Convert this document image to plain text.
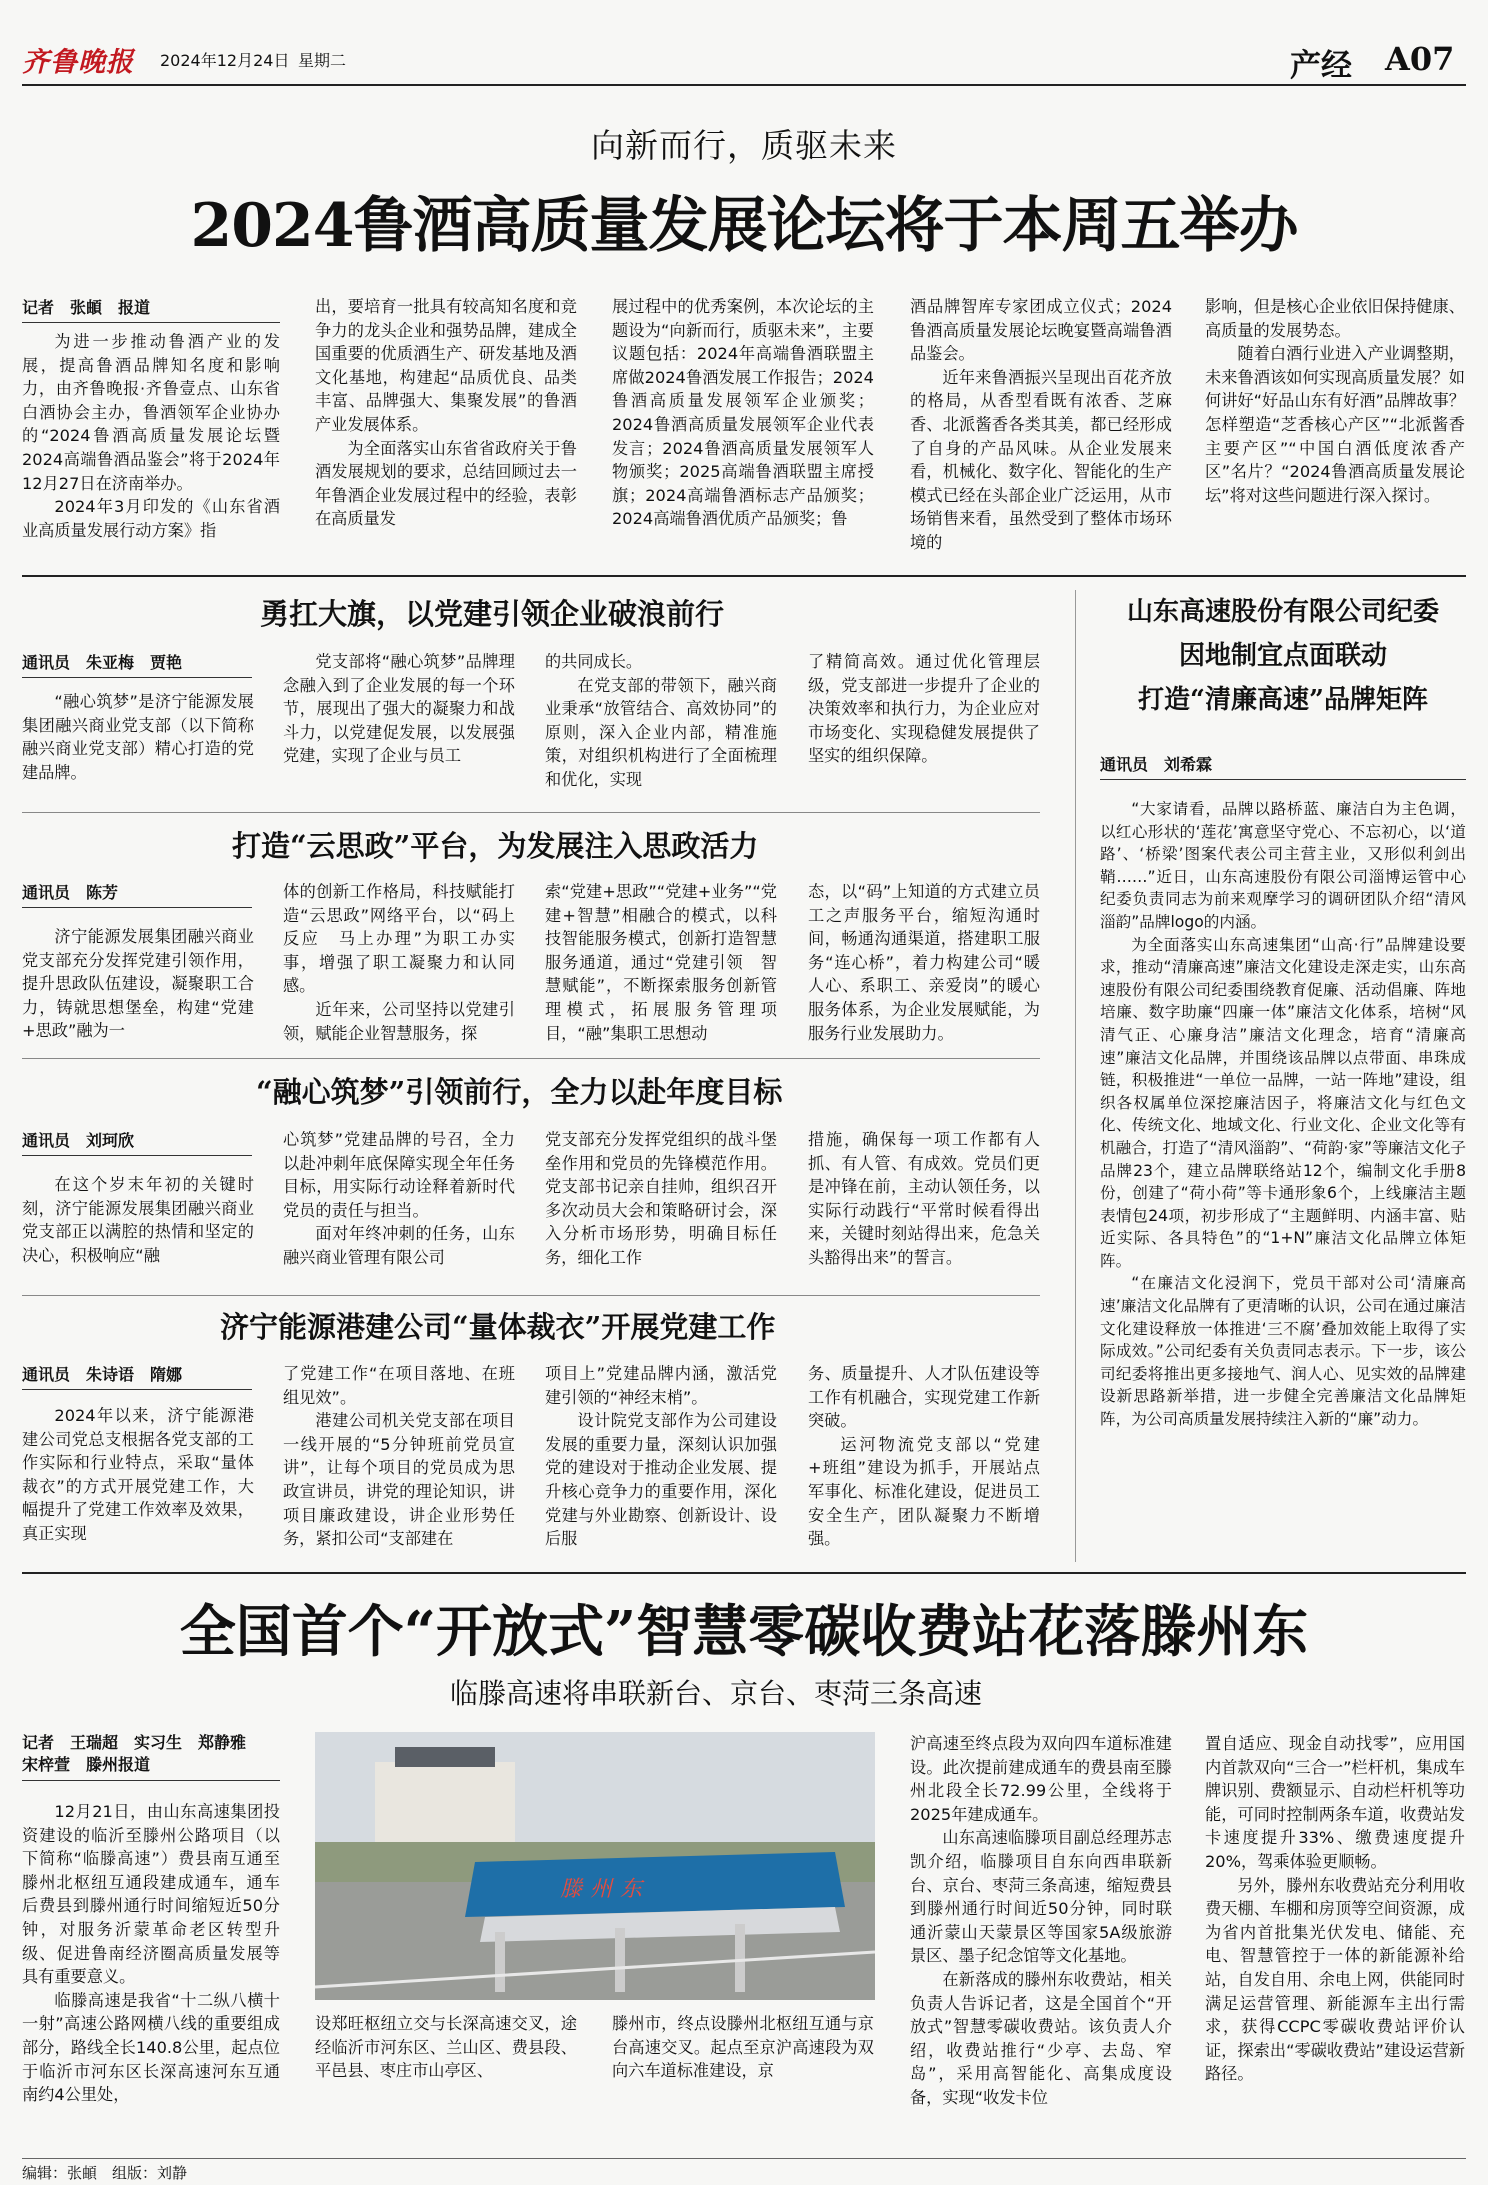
齐鲁晚报 2024年12月24日 星期二	产经 A07
向新而行，质驱未来
2024鲁酒高质量发展论坛将于本周五举办
记者　张頔　报道

为进一步推动鲁酒产业的发展，提高鲁酒品牌知名度和影响力，由齐鲁晚报·齐鲁壹点、山东省白酒协会主办，鲁酒领军企业协办的“2024鲁酒高质量发展论坛暨2024高端鲁酒品鉴会”将于2024年12月27日在济南举办。

2024年3月印发的《山东省酒业高质量发展行动方案》指

出，要培育一批具有较高知名度和竞争力的龙头企业和强势品牌，建成全国重要的优质酒生产、研发基地及酒文化基地，构建起“品质优良、品类丰富、品牌强大、集聚发展”的鲁酒产业发展体系。

为全面落实山东省省政府关于鲁酒发展规划的要求，总结回顾过去一年鲁酒企业发展过程中的经验，表彰在高质量发

展过程中的优秀案例，本次论坛的主题设为“向新而行，质驱未来”，主要议题包括：2024年高端鲁酒联盟主席做2024鲁酒发展工作报告；2024鲁酒高质量发展领军企业颁奖；2024鲁酒高质量发展领军企业代表发言；2024鲁酒高质量发展领军人物颁奖；2025高端鲁酒联盟主席授旗；2024高端鲁酒标志产品颁奖；2024高端鲁酒优质产品颁奖；鲁

酒品牌智库专家团成立仪式；2024鲁酒高质量发展论坛晚宴暨高端鲁酒品鉴会。

近年来鲁酒振兴呈现出百花齐放的格局，从香型看既有浓香、芝麻香、北派酱香各类其美，都已经形成了自身的产品风味。从企业发展来看，机械化、数字化、智能化的生产模式已经在头部企业广泛运用，从市场销售来看，虽然受到了整体市场环境的

影响，但是核心企业依旧保持健康、高质量的发展势态。

随着白酒行业进入产业调整期，未来鲁酒该如何实现高质量发展？如何讲好“好品山东有好酒”品牌故事？怎样塑造“芝香核心产区”“北派酱香主要产区”“中国白酒低度浓香产区”名片？“2024鲁酒高质量发展论坛”将对这些问题进行深入探讨。

勇扛大旗，以党建引领企业破浪前行
通讯员　朱亚梅　贾艳

“融心筑梦”是济宁能源发展集团融兴商业党支部（以下简称融兴商业党支部）精心打造的党建品牌。

党支部将“融心筑梦”品牌理念融入到了企业发展的每一个环节，展现出了强大的凝聚力和战斗力，以党建促发展，以发展强党建，实现了企业与员工

的共同成长。

在党支部的带领下，融兴商业秉承“放管结合、高效协同”的原则，深入企业内部，精准施策，对组织机构进行了全面梳理和优化，实现

了精简高效。通过优化管理层级，党支部进一步提升了企业的决策效率和执行力，为企业应对市场变化、实现稳健发展提供了坚实的组织保障。

打造“云思政”平台，为发展注入思政活力
通讯员　陈芳

济宁能源发展集团融兴商业党支部充分发挥党建引领作用，提升思政队伍建设，凝聚职工合力，铸就思想堡垒，构建“党建+思政”融为一

体的创新工作格局，科技赋能打造“云思政”网络平台，以“码上反应　马上办理”为职工办实事，增强了职工凝聚力和认同感。

近年来，公司坚持以党建引领，赋能企业智慧服务，探

索“党建+思政”“党建+业务”“党建+智慧”相融合的模式，以科技智能服务模式，创新打造智慧服务通道，通过“党建引领　智慧赋能”，不断探索服务创新管理模式，拓展服务管理项目，“融”集职工思想动

态，以“码”上知道的方式建立员工之声服务平台，缩短沟通时间，畅通沟通渠道，搭建职工服务“连心桥”，着力构建公司“暖人心、系职工、亲爱岗”的暖心服务体系，为企业发展赋能，为服务行业发展助力。

“融心筑梦”引领前行，全力以赴年度目标
通讯员　刘珂欣

在这个岁末年初的关键时刻，济宁能源发展集团融兴商业党支部正以满腔的热情和坚定的决心，积极响应“融

心筑梦”党建品牌的号召，全力以赴冲刺年底保障实现全年任务目标，用实际行动诠释着新时代党员的责任与担当。

面对年终冲刺的任务，山东融兴商业管理有限公司

党支部充分发挥党组织的战斗堡垒作用和党员的先锋模范作用。党支部书记亲自挂帅，组织召开多次动员大会和策略研讨会，深入分析市场形势，明确目标任务，细化工作

措施，确保每一项工作都有人抓、有人管、有成效。党员们更是冲锋在前，主动认领任务，以实际行动践行“平常时候看得出来，关键时刻站得出来，危急关头豁得出来”的誓言。

济宁能源港建公司“量体裁衣”开展党建工作
通讯员　朱诗语　隋娜

2024年以来，济宁能源港建公司党总支根据各党支部的工作实际和行业特点，采取“量体裁衣”的方式开展党建工作，大幅提升了党建工作效率及效果，真正实现

了党建工作“在项目落地、在班组见效”。

港建公司机关党支部在项目一线开展的“5分钟班前党员宣讲”，让每个项目的党员成为思政宣讲员，讲党的理论知识，讲项目廉政建设，讲企业形势任务，紧扣公司“支部建在

项目上”党建品牌内涵，激活党建引领的“神经末梢”。

设计院党支部作为公司建设发展的重要力量，深刻认识加强党的建设对于推动企业发展、提升核心竞争力的重要作用，深化党建与外业勘察、创新设计、设后服

务、质量提升、人才队伍建设等工作有机融合，实现党建工作新突破。

运河物流党支部以“党建+班组”建设为抓手，开展站点军事化、标准化建设，促进员工安全生产，团队凝聚力不断增强。

山东高速股份有限公司纪委
因地制宜点面联动
打造“清廉高速”品牌矩阵
通讯员　刘希霖

“大家请看，品牌以路桥蓝、廉洁白为主色调，以红心形状的‘莲花’寓意坚守党心、不忘初心，以‘道路’、‘桥梁’图案代表公司主营主业，又形似利剑出鞘……”近日，山东高速股份有限公司淄博运管中心纪委负责同志为前来观摩学习的调研团队介绍“清风淄韵”品牌logo的内涵。

为全面落实山东高速集团“山高·行”品牌建设要求，推动“清廉高速”廉洁文化建设走深走实，山东高速股份有限公司纪委围绕教育促廉、活动倡廉、阵地培廉、数字助廉“四廉一体”廉洁文化体系，培树“风清气正、心廉身洁”廉洁文化理念，培育“清廉高速”廉洁文化品牌，并围绕该品牌以点带面、串珠成链，积极推进“一单位一品牌，一站一阵地”建设，组织各权属单位深挖廉洁因子，将廉洁文化与红色文化、传统文化、地域文化、行业文化、企业文化等有机融合，打造了“清风淄韵”、“荷韵·家”等廉洁文化子品牌23个，建立品牌联络站12个，编制文化手册8份，创建了“荷小荷”等卡通形象6个，上线廉洁主题表情包24项，初步形成了“主题鲜明、内涵丰富、贴近实际、各具特色”的“1+N”廉洁文化品牌立体矩阵。

“在廉洁文化浸润下，党员干部对公司‘清廉高速’廉洁文化品牌有了更清晰的认识，公司在通过廉洁文化建设释放一体推进‘三不腐’叠加效能上取得了实际成效。”公司纪委有关负责同志表示。下一步，该公司纪委将推出更多接地气、润人心、见实效的品牌建设新思路新举措，进一步健全完善廉洁文化品牌矩阵，为公司高质量发展持续注入新的“廉”动力。

全国首个“开放式”智慧零碳收费站花落滕州东
临滕高速将串联新台、京台、枣菏三条高速
记者　王瑞超　实习生　郑静雅
宋梓萱　滕州报道

12月21日，由山东高速集团投资建设的临沂至滕州公路项目（以下简称“临滕高速”）费县南互通至滕州北枢纽互通段建成通车，通车后费县到滕州通行时间缩短近50分钟，对服务沂蒙革命老区转型升级、促进鲁南经济圈高质量发展等具有重要意义。

临滕高速是我省“十二纵八横十一射”高速公路网横八线的重要组成部分，路线全长140.8公里，起点位于临沂市河东区长深高速河东互通南约4公里处，

滕州东

设郑旺枢纽立交与长深高速交叉，途经临沂市河东区、兰山区、费县段、平邑县、枣庄市山亭区、

滕州市，终点设滕州北枢纽互通与京台高速交叉。起点至京沪高速段为双向六车道标准建设，京

沪高速至终点段为双向四车道标准建设。此次提前建成通车的费县南至滕州北段全长72.99公里，全线将于2025年建成通车。

山东高速临滕项目副总经理苏志凯介绍，临滕项目自东向西串联新台、京台、枣菏三条高速，缩短费县到滕州通行时间近50分钟，同时联通沂蒙山天蒙景区等国家5A级旅游景区、墨子纪念馆等文化基地。

在新落成的滕州东收费站，相关负责人告诉记者，这是全国首个“开放式”智慧零碳收费站。该负责人介绍，收费站推行“少亭、去岛、窄岛”，采用高智能化、高集成度设备，实现“收发卡位

置自适应、现金自动找零”，应用国内首款双向“三合一”栏杆机，集成车牌识别、费额显示、自动栏杆机等功能，可同时控制两条车道，收费站发卡速度提升33%、缴费速度提升20%，驾乘体验更顺畅。

另外，滕州东收费站充分利用收费天棚、车棚和房顶等空间资源，成为省内首批集光伏发电、储能、充电、智慧管控于一体的新能源补给站，自发自用、余电上网，供能同时满足运营管理、新能源车主出行需求，获得CCPC零碳收费站评价认证，探索出“零碳收费站”建设运营新路径。

编辑：张頔　组版：刘静
